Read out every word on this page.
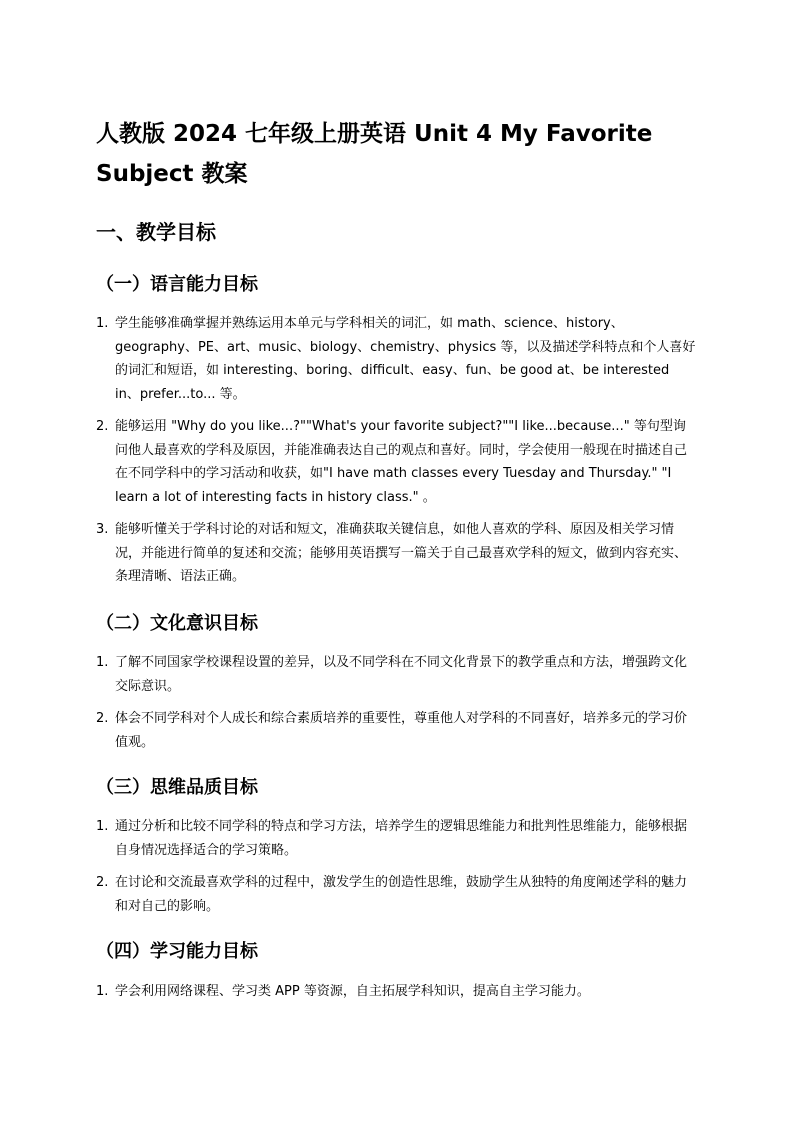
人教版 2024 七年级上册英语 Unit 4 My Favorite Subject 教案
一、教学目标
（一）语言能力目标
1. 学生能够准确掌握并熟练运用本单元与学科相关的词汇，如 math、science、history、geography、PE、art、music、biology、chemistry、physics 等，以及描述学科特点和个人喜好的词汇和短语，如 interesting、boring、difficult、easy、fun、be good at、be interested in、prefer...to... 等。
2. 能够运用 "Why do you like...?""What's your favorite subject?""I like...because..." 等句型询问他人最喜欢的学科及原因，并能准确表达自己的观点和喜好。同时，学会使用一般现在时描述自己在不同学科中的学习活动和收获，如"I have math classes every Tuesday and Thursday." "I learn a lot of interesting facts in history class." 。
3. 能够听懂关于学科讨论的对话和短文，准确获取关键信息，如他人喜欢的学科、原因及相关学习情况，并能进行简单的复述和交流；能够用英语撰写一篇关于自己最喜欢学科的短文，做到内容充实、条理清晰、语法正确。
（二）文化意识目标
1. 了解不同国家学校课程设置的差异，以及不同学科在不同文化背景下的教学重点和方法，增强跨文化交际意识。
2. 体会不同学科对个人成长和综合素质培养的重要性，尊重他人对学科的不同喜好，培养多元的学习价值观。
（三）思维品质目标
1. 通过分析和比较不同学科的特点和学习方法，培养学生的逻辑思维能力和批判性思维能力，能够根据自身情况选择适合的学习策略。
2. 在讨论和交流最喜欢学科的过程中，激发学生的创造性思维，鼓励学生从独特的角度阐述学科的魅力和对自己的影响。
（四）学习能力目标
1. 学会利用网络课程、学习类 APP 等资源，自主拓展学科知识，提高自主学习能力。
